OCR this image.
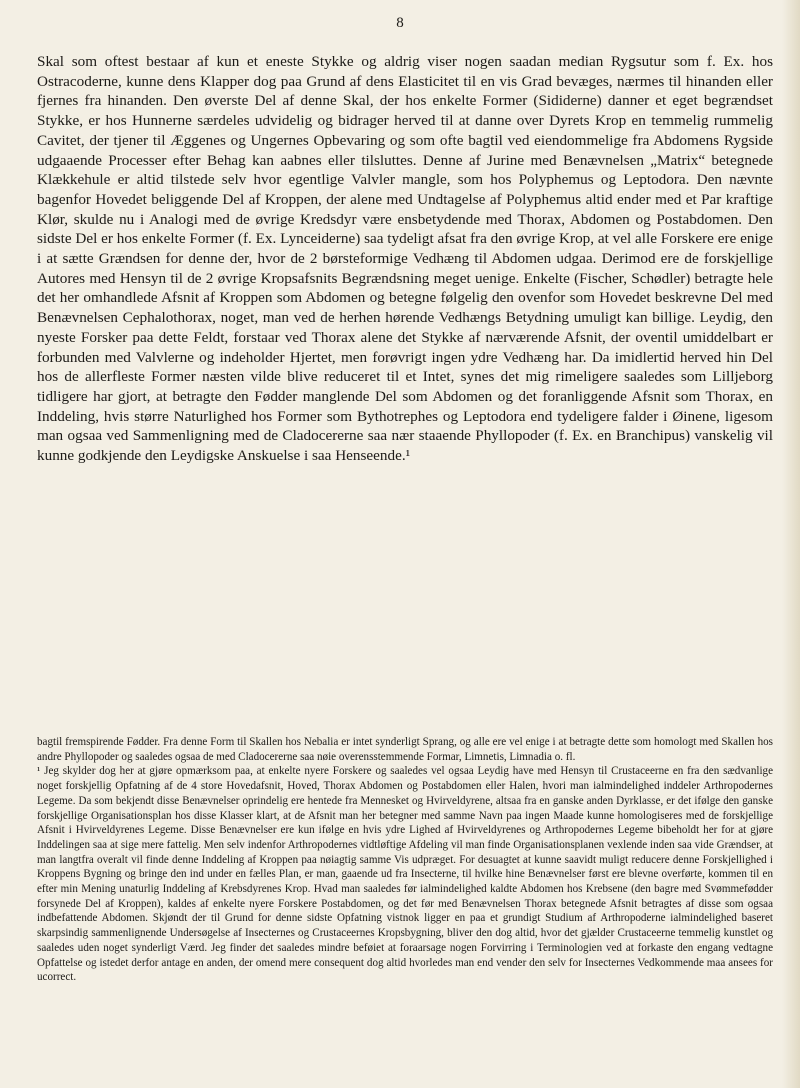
8

Skal som oftest bestaar af kun et eneste Stykke og aldrig viser nogen saadan median Rygsutur som f. Ex. hos Ostracoderne, kunne dens Klapper dog paa Grund af dens Elasticitet til en vis Grad bevæges, nærmes til hinanden eller fjernes fra hinanden. Den øverste Del af denne Skal, der hos enkelte Former (Sididerne) danner et eget begrændset Stykke, er hos Hunnerne særdeles udvidelig og bidrager herved til at danne over Dyrets Krop en temmelig rummelig Cavitet, der tjener til Æggenes og Ungernes Opbevaring og som ofte bagtil ved eiendommelige fra Abdomens Rygside udgaaende Processer efter Behag kan aabnes eller tilsluttes. Denne af Jurine med Benævnelsen „Matrix“ betegnede Klækkehule er altid tilstede selv hvor egentlige Valvler mangle, som hos Polyphemus og Leptodora. Den nævnte bagenfor Hovedet beliggende Del af Kroppen, der alene med Undtagelse af Polyphemus altid ender med et Par kraftige Klør, skulde nu i Analogi med de øvrige Kredsdyr være ensbetydende med Thorax, Abdomen og Postabdomen. Den sidste Del er hos enkelte Former (f. Ex. Lynceiderne) saa tydeligt afsat fra den øvrige Krop, at vel alle Forskere ere enige i at sætte Grændsen for denne der, hvor de 2 børsteformige Vedhæng til Abdomen udgaa. Derimod ere de forskjellige Autores med Hensyn til de 2 øvrige Kropsafsnits Begrændsning meget uenige. Enkelte (Fischer, Schødler) betragte hele det her omhandlede Afsnit af Kroppen som Abdomen og betegne følgelig den ovenfor som Hovedet beskrevne Del med Benævnelsen Cephalothorax, noget, man ved de herhen hørende Vedhængs Betydning umuligt kan billige. Leydig, den nyeste Forsker paa dette Feldt, forstaar ved Thorax alene det Stykke af nærværende Afsnit, der oventil umiddelbart er forbunden med Valvlerne og indeholder Hjertet, men forøvrigt ingen ydre Vedhæng har. Da imidlertid herved hin Del hos de allerfleste Former næsten vilde blive reduceret til et Intet, synes det mig rimeligere saaledes som Lilljeborg tidligere har gjort, at betragte den Fødder manglende Del som Abdomen og det foranliggende Afsnit som Thorax, en Inddeling, hvis større Naturlighed hos Former som Bythotrephes og Leptodora end tydeligere falder i Øinene, ligesom man ogsaa ved Sammenligning med de Cladocererne saa nær staaende Phyllopoder (f. Ex. en Branchipus) vanskelig vil kunne godkjende den Leydigske Anskuelse i saa Henseende.¹

bagtil fremspirende Fødder. Fra denne Form til Skallen hos Nebalia er intet synderligt Sprang, og alle ere vel enige i at betragte dette som homologt med Skallen hos andre Phyllopoder og saaledes ogsaa de med Cladocererne saa nøie overensstemmende Formar, Limnetis, Limnadia o. fl.

¹ Jeg skylder dog her at gjøre opmærksom paa, at enkelte nyere Forskere og saaledes vel ogsaa Leydig have med Hensyn til Crustaceerne en fra den sædvanlige noget forskjellig Opfatning af de 4 store Hovedafsnit, Hoved, Thorax Abdomen og Postabdomen eller Halen, hvori man ialmindelighed inddeler Arthropodernes Legeme. Da som bekjendt disse Benævnelser oprindelig ere hentede fra Mennesket og Hvirveldyrene, altsaa fra en ganske anden Dyrklasse, er det ifølge den ganske forskjellige Organisationsplan hos disse Klasser klart, at de Afsnit man her betegner med samme Navn paa ingen Maade kunne homologiseres med de forskjellige Afsnit i Hvirveldyrenes Legeme. Disse Benævnelser ere kun ifølge en hvis ydre Lighed af Hvirveldyrenes og Arthropodernes Legeme bibeholdt her for at gjøre Inddelingen saa at sige mere fattelig. Men selv indenfor Arthropodernes vidtløftige Afdeling vil man finde Organisationsplanen vexlende inden saa vide Grændser, at man langtfra overalt vil finde denne Inddeling af Kroppen paa nøiagtig samme Vis udpræget. For desuagtet at kunne saavidt muligt reducere denne Forskjellighed i Kroppens Bygning og bringe den ind under en fælles Plan, er man, gaaende ud fra Insecterne, til hvilke hine Benævnelser først ere blevne overførte, kommen til en efter min Mening unaturlig Inddeling af Krebsdyrenes Krop. Hvad man saaledes før ialmindelighed kaldte Abdomen hos Krebsene (den bagre med Svømmefødder forsynede Del af Kroppen), kaldes af enkelte nyere Forskere Postabdomen, og det før med Benævnelsen Thorax betegnede Afsnit betragtes af disse som ogsaa indbefattende Abdomen. Skjøndt der til Grund for denne sidste Opfatning vistnok ligger en paa et grundigt Studium af Arthropoderne ialmindelighed baseret skarpsindig sammenlignende Undersøgelse af Insecternes og Crustaceernes Kropsbygning, bliver den dog altid, hvor det gjælder Crustaceerne temmelig kunstlet og saaledes uden noget synderligt Værd. Jeg finder det saaledes mindre beføiet at foraarsage nogen Forvirring i Terminologien ved at forkaste den engang vedtagne Opfattelse og istedet derfor antage en anden, der omend mere consequent dog altid hvorledes man end vender den selv for Insecternes Vedkommende maa ansees for ucorrect.
